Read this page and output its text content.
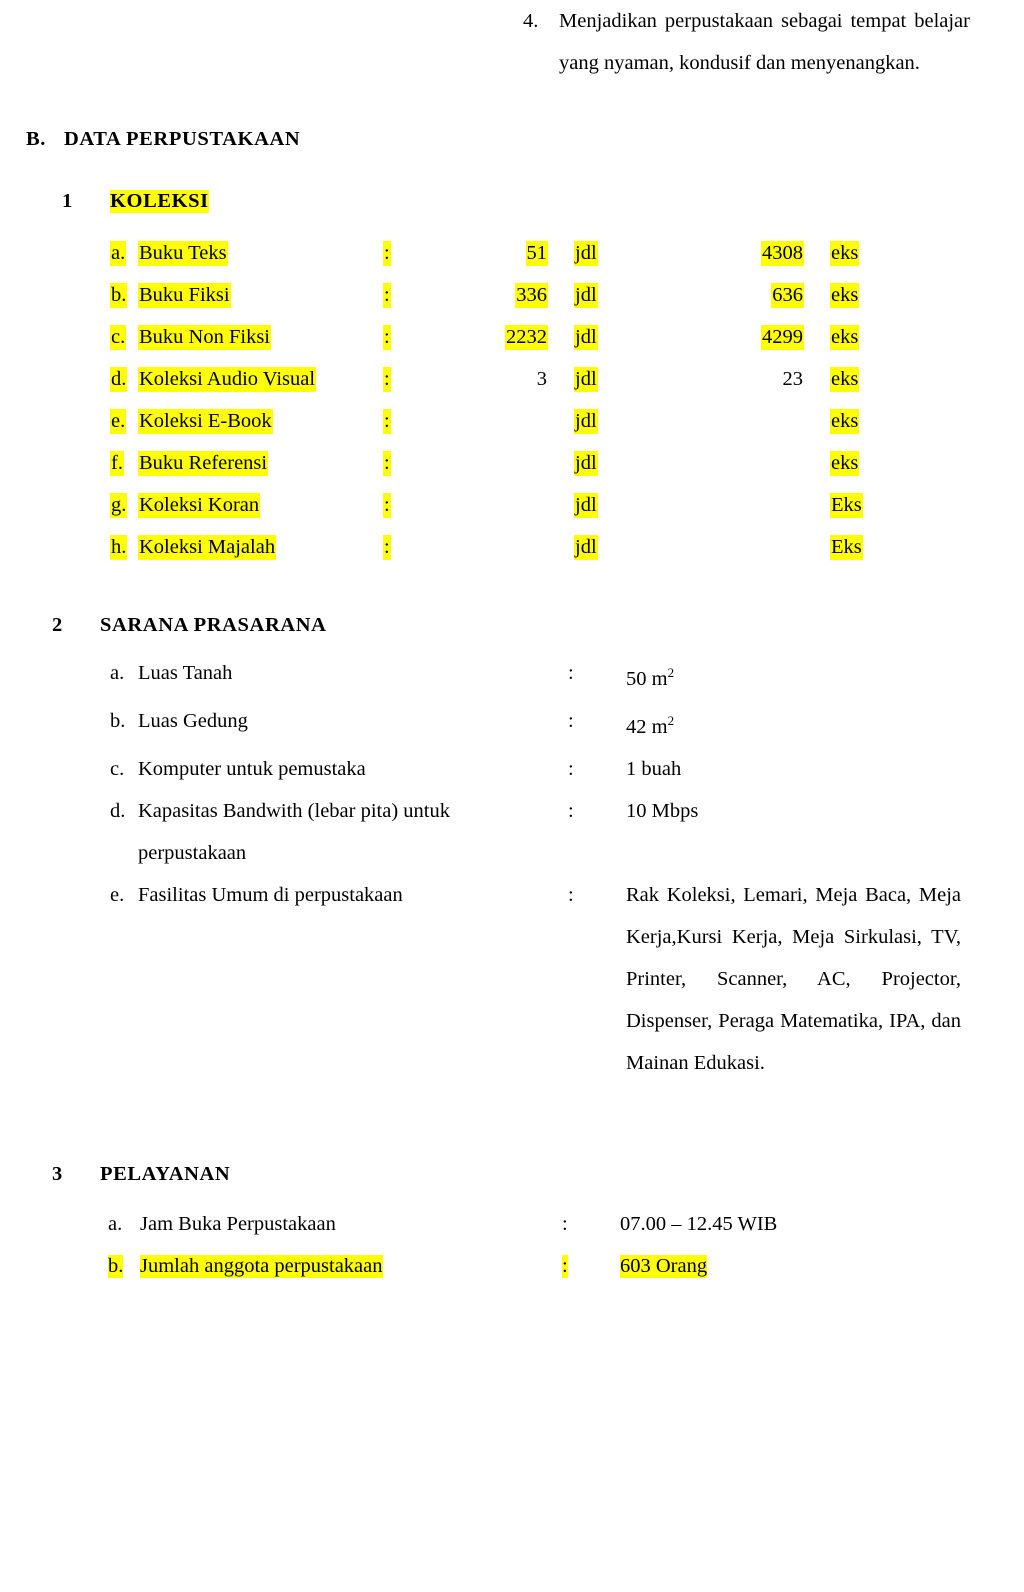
4.	Menjadikan perpustakaan sebagai tempat belajar yang nyaman, kondusif dan menyenangkan.
B. DATA PERPUSTAKAAN
1	KOLEKSI
a.	Buku Teks	:	51	jdl	4308	eks
b.	Buku Fiksi	:	336	jdl	636	eks
c.	Buku Non Fiksi	:	2232	jdl	4299	eks
d.	Koleksi Audio Visual	:	3	jdl	23	eks
e.	Koleksi E-Book	:		jdl		eks
f.	Buku Referensi	:		jdl		eks
g.	Koleksi Koran	:		jdl		Eks
h.	Koleksi Majalah	:		jdl		Eks
2	SARANA PRASARANA
a.	Luas Tanah	:	50 $m^2$
b.	Luas Gedung	:	42 $m^2$
c.	Komputer untuk pemustaka	:	1 buah
d.	Kapasitas Bandwith (lebar pita) untuk perpustakaan	:	10 Mbps
e.	Fasilitas Umum di perpustakaan	:	Rak Koleksi, Lemari, Meja Baca, Meja Kerja,Kursi Kerja, Meja Sirkulasi, TV, Printer, Scanner, AC, Projector, Dispenser, Peraga Matematika, IPA, dan Mainan Edukasi.
3	PELAYANAN
a.	Jam Buka Perpustakaan	:	07.00 – 12.45 WIB
b.	Jumlah anggota perpustakaan	:	603 Orang
